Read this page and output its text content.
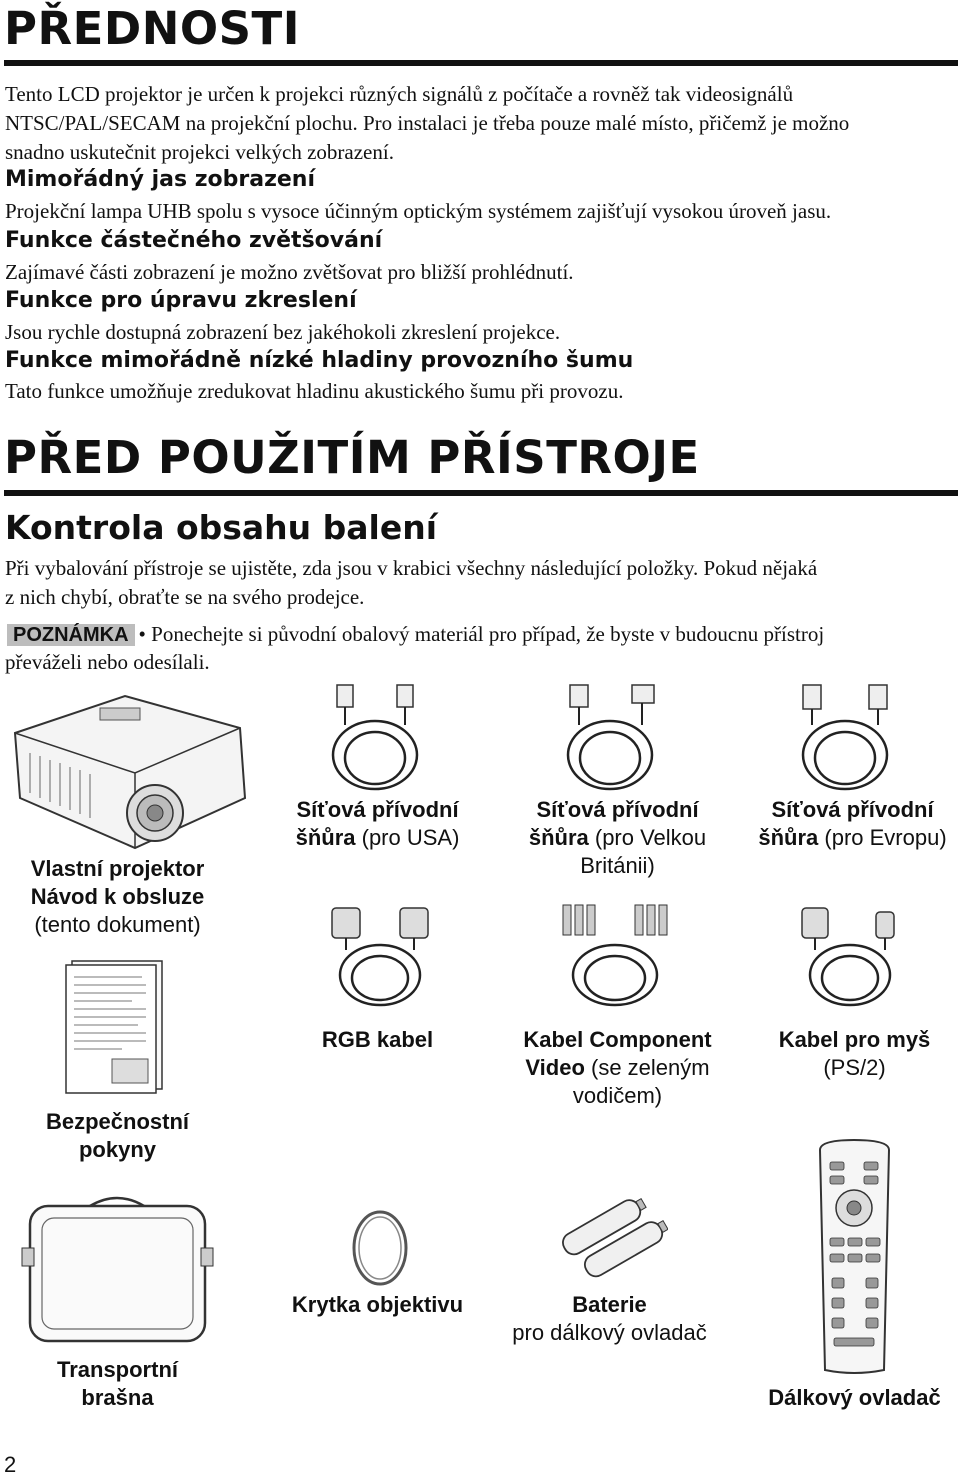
PŘEDNOSTI
Tento LCD projektor je určen k projekci různých signálů z počítače a rovněž tak videosignálů
NTSC/PAL/SECAM na projekční plochu. Pro instalaci je třeba pouze malé místo, přičemž je možno
snadno uskutečnit projekci velkých zobrazení.
Mimořádný jas zobrazení
Projekční lampa UHB spolu s vysoce účinným optickým systémem zajišťují vysokou úroveň jasu.
Funkce částečného zvětšování
Zajímavé části zobrazení je možno zvětšovat pro bližší prohlédnutí.
Funkce pro úpravu zkreslení
Jsou rychle dostupná zobrazení bez jakéhokoli zkreslení projekce.
Funkce mimořádně nízké hladiny provozního šumu
Tato funkce umožňuje zredukovat hladinu akustického šumu při provozu.
PŘED POUŽITÍM PŘÍSTROJE
Kontrola obsahu balení
Při vybalování přístroje se ujistěte, zda jsou v krabici všechny následující položky. Pokud nějaká
z nich chybí, obraťte se na svého prodejce.
POZNÁMKA • Ponechejte si původní obalový materiál pro případ, že byste v budoucnu přístroj
převáželi nebo odesílali.
Vlastní projektor
Návod k obsluze
(tento dokument)
Síťová přívodní
šňůra (pro USA)
Síťová přívodní
šňůra (pro Velkou
Británii)
Síťová přívodní
šňůra (pro Evropu)
RGB kabel	Kabel Component
Video (se zeleným
vodičem)
Kabel pro myš
(PS/2)
Bezpečnostní
pokyny
Krytka objektivu	Baterie
pro dálkový ovladač
Transportní
brašna	Dálkový ovladač
2
